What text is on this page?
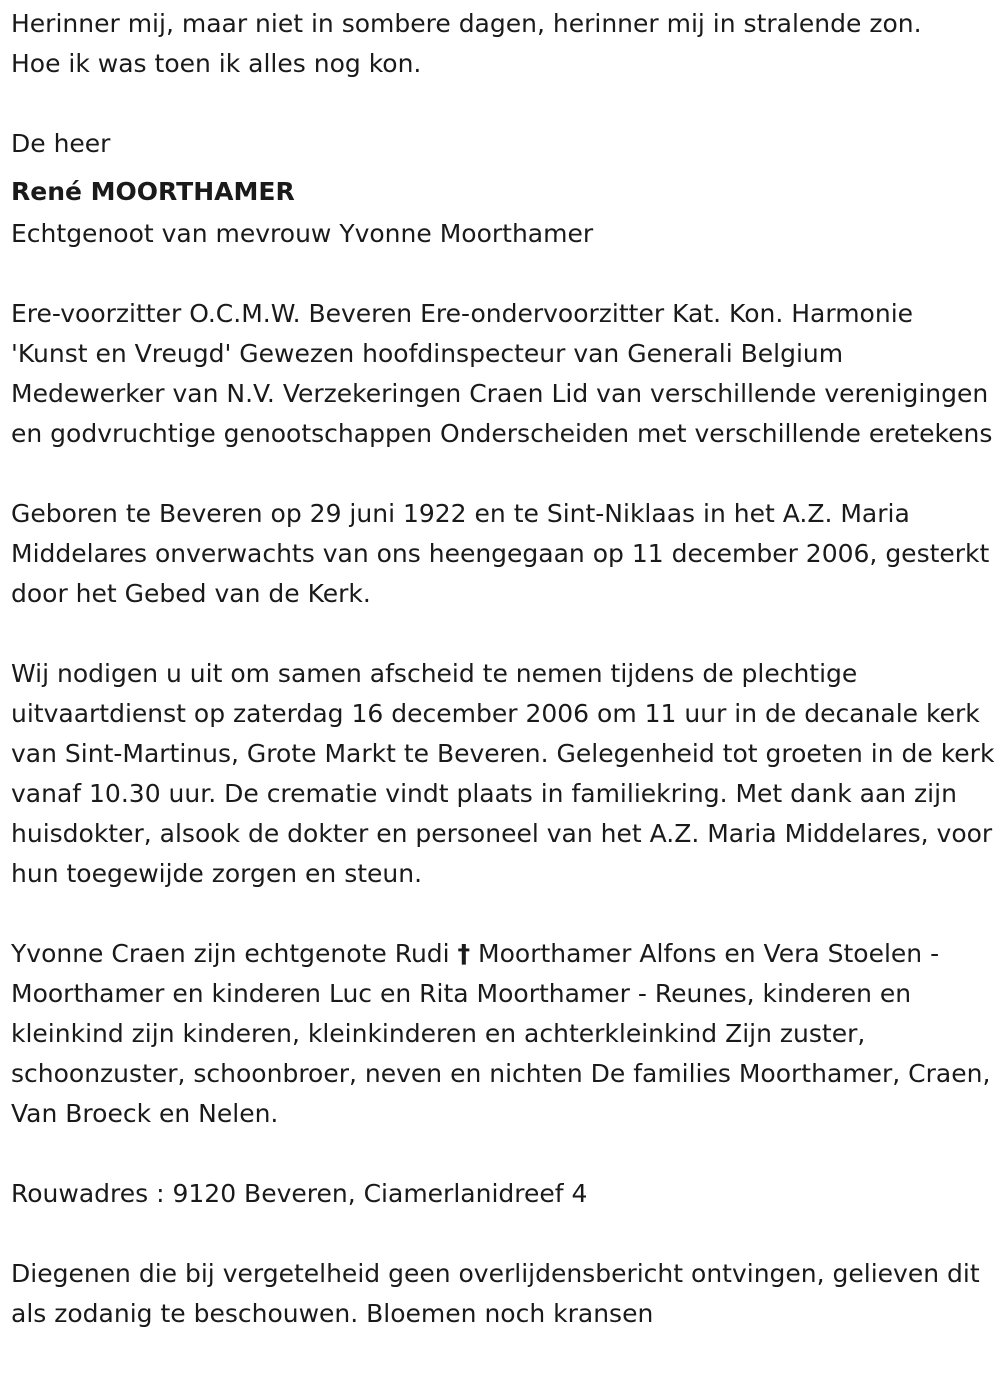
Herinner mij, maar niet in sombere dagen, herinner mij in stralende zon.

Hoe ik was toen ik alles nog kon.

De heer

René MOORTHAMER

Echtgenoot van mevrouw Yvonne Moorthamer

Ere-voorzitter O.C.M.W. Beveren Ere-ondervoorzitter Kat. Kon. Harmonie 'Kunst en Vreugd' Gewezen hoofdinspecteur van Generali Belgium Medewerker van N.V. Verzekeringen Craen Lid van verschillende verenigingen en godvruchtige genootschappen Onderscheiden met verschillende eretekens

Geboren te Beveren op 29 juni 1922 en te Sint-Niklaas in het A.Z. Maria Middelares onverwachts van ons heengegaan op 11 december 2006, gesterkt door het Gebed van de Kerk.

Wij nodigen u uit om samen afscheid te nemen tijdens de plechtige uitvaartdienst op zaterdag 16 december 2006 om 11 uur in de decanale kerk van Sint-Martinus, Grote Markt te Beveren. Gelegenheid tot groeten in de kerk vanaf 10.30 uur. De crematie vindt plaats in familiekring. Met dank aan zijn huisdokter, alsook de dokter en personeel van het A.Z. Maria Middelares, voor hun toegewijde zorgen en steun.

Yvonne Craen zijn echtgenote Rudi † Moorthamer Alfons en Vera Stoelen - Moorthamer en kinderen Luc en Rita Moorthamer - Reunes, kinderen en kleinkind zijn kinderen, kleinkinderen en achterkleinkind Zijn zuster, schoonzuster, schoonbroer, neven en nichten De families Moorthamer, Craen, Van Broeck en Nelen.

Rouwadres : 9120 Beveren, Ciamerlanidreef 4

Diegenen die bij vergetelheid geen overlijdensbericht ontvingen, gelieven dit als zodanig te beschouwen. Bloemen noch kransen
